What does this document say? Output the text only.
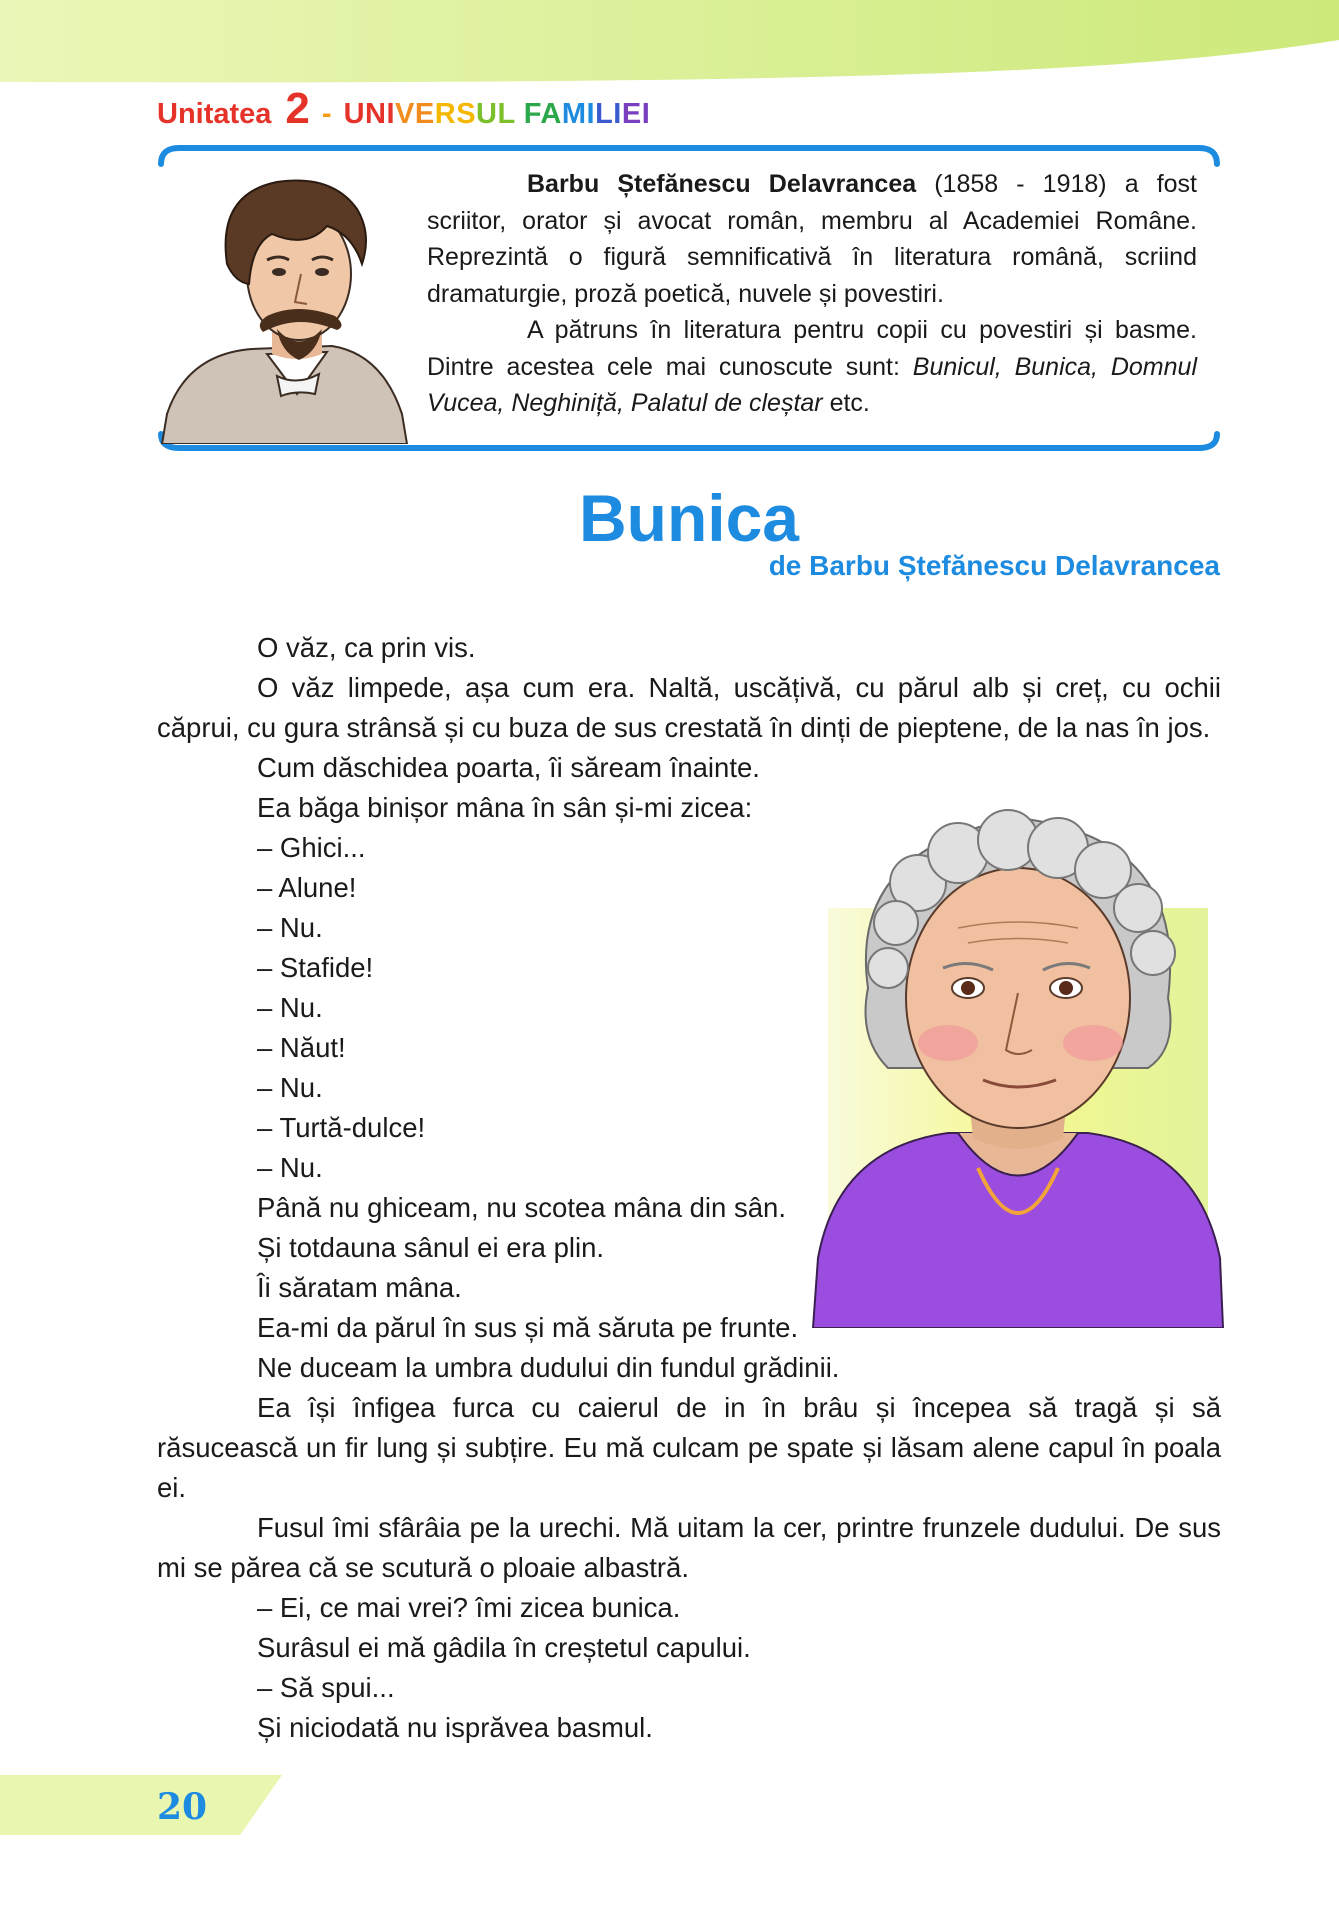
Unitatea 2 - UNIVERSUL FAMILIEI

Barbu Ștefănescu Delavrancea (1858 - 1918) a fost scriitor, orator și avocat român, membru al Academiei Române. Reprezintă o figură semnificativă în literatura română, scriind dramaturgie, proză poetică, nuvele și povestiri.

A pătruns în literatura pentru copii cu povestiri și basme. Dintre acestea cele mai cunoscute sunt: Bunicul, Bunica, Domnul Vucea, Neghiniță, Palatul de cleștar etc.

Bunica
de Barbu Ștefănescu Delavrancea

O văz, ca prin vis.

O văz limpede, așa cum era. Naltă, uscățivă, cu părul alb și creț, cu ochii căprui, cu gura strânsă și cu buza de sus crestată în dinți de pieptene, de la nas în jos.

Cum dăschidea poarta, îi săream înainte.

Ea băga binișor mâna în sân și-mi zicea:

– Ghici...

– Alune!

– Nu.

– Stafide!

– Nu.

– Năut!

– Nu.

– Turtă-dulce!

– Nu.

Până nu ghiceam, nu scotea mâna din sân.

Și totdauna sânul ei era plin.

Îi săratam mâna.

Ea-mi da părul în sus și mă săruta pe frunte.

Ne duceam la umbra dudului din fundul grădinii.

Ea își înfigea furca cu caierul de in în brâu și începea să tragă și să răsucească un fir lung și subțire. Eu mă culcam pe spate și lăsam alene capul în poala ei.

Fusul îmi sfârâia pe la urechi. Mă uitam la cer, printre frunzele dudului. De sus mi se părea că se scutură o ploaie albastră.

– Ei, ce mai vrei? îmi zicea bunica.

Surâsul ei mă gâdila în creștetul capului.

– Să spui...

Și niciodată nu isprăvea basmul.

20
